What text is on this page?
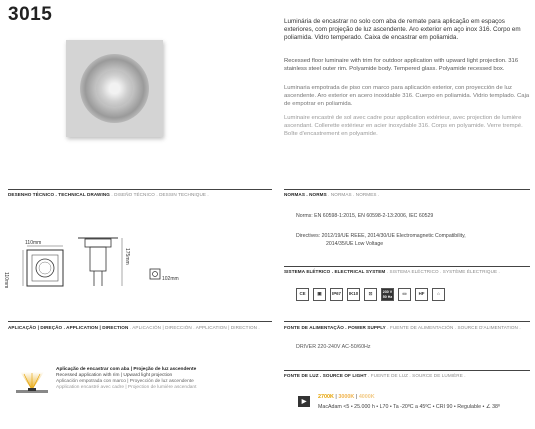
3015	Luminária de encastrar no solo com aba de remate para aplicação em espaços exteriores, com projeção de luz ascendente. Aro exterior em aço inox 316. Corpo em poliamida. Vidro temperado. Caixa de encastrar em poliamida.
Recessed floor luminaire with trim for outdoor application with upward light projection. 316 stainless steel outer rim. Polyamide body. Tempered glass. Polyamide recessed box.
Luminaria empotrada de piso con marco para aplicación exterior, con proyección de luz ascendente. Aro exterior en acero inoxidable 316. Cuerpo en poliamida. Vidrio templado. Caja de empotrar en poliamida.
Luminaire encastré de sol avec cadre pour application extérieur, avec projection de lumière ascendant. Collerette extérieur en acier inoxydable 316. Corps en polyamide. Verre trempé. Boîte d'encastrement en polyamide.
DESENHO TÉCNICO . TECHNICAL DRAWING . DISEÑO TÉCNICO . DESSIN TECHNIQUE .
110mm
110mm
175mm
102mm
APLICAÇÃO | DIREÇÃO . APPLICATION | DIRECTION . APLICACIÓN | DIRECCIÓN . APPLICATION | DIRECTION .
Aplicação de encastrar com aba | Projeção de luz ascendente
Recessed application with rim | Upward light projection
Aplicación empotrada con marco | Proyección de luz ascendente
Application encastré avec cadre | Projection de lumière ascendant
NORMAS . NORMS . NORMAS . NORMES .
Norms: EN 60598-1:2015, EN 60598-2-13:2006, IEC 60529
Directives: 2012/19/UE REEE, 2014/30/UE Electromagnetic Compatibility,
2014/35/UE Low Voltage
SISTEMA ELÉTRICO . ELECTRICAL SYSTEM . SISTEMA ELÉCTRICO . SYSTÈME ÉLECTRIQUE .
CE	▣	IP67	IK10	⊡	230 V
50 Hz
▭	HF	⌂
FONTE DE ALIMENTAÇÃO . POWER SUPPLY . FUENTE DE ALIMENTACIÓN . SOURCE D'ALIMENTATION .
DRIVER 220-240V AC-50/60Hz
FONTE DE LUZ . SOURCE OF LIGHT . FUENTE DE LUZ . SOURCE DE LUMIÈRE .
▶
2700K | 3000K | 4000K
MacAdam <5 • 25.000 h • L70 • Ta -20ºC a 45ºC • CRI 90 • Regulable • ∠ 38º
